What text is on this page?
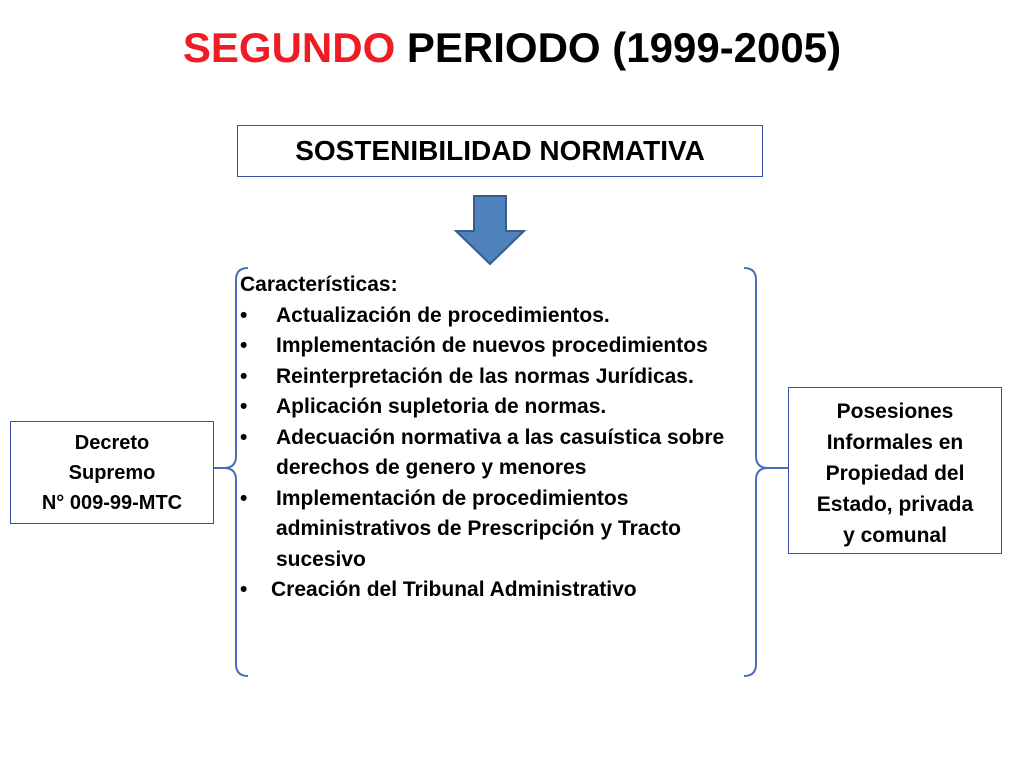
SEGUNDO PERIODO (1999-2005)
SOSTENIBILIDAD NORMATIVA
Características:
• Actualización de procedimientos.
• Implementación de nuevos procedimientos
• Reinterpretación de las normas Jurídicas.
• Aplicación supletoria de normas.
• Adecuación normativa a las casuística sobre derechos de genero y menores
• Implementación de procedimientos administrativos de Prescripción y Tracto sucesivo
• Creación del Tribunal Administrativo
Decreto
Supremo
N° 009-99-MTC
Posesiones
Informales en
Propiedad del
Estado, privada
y comunal
